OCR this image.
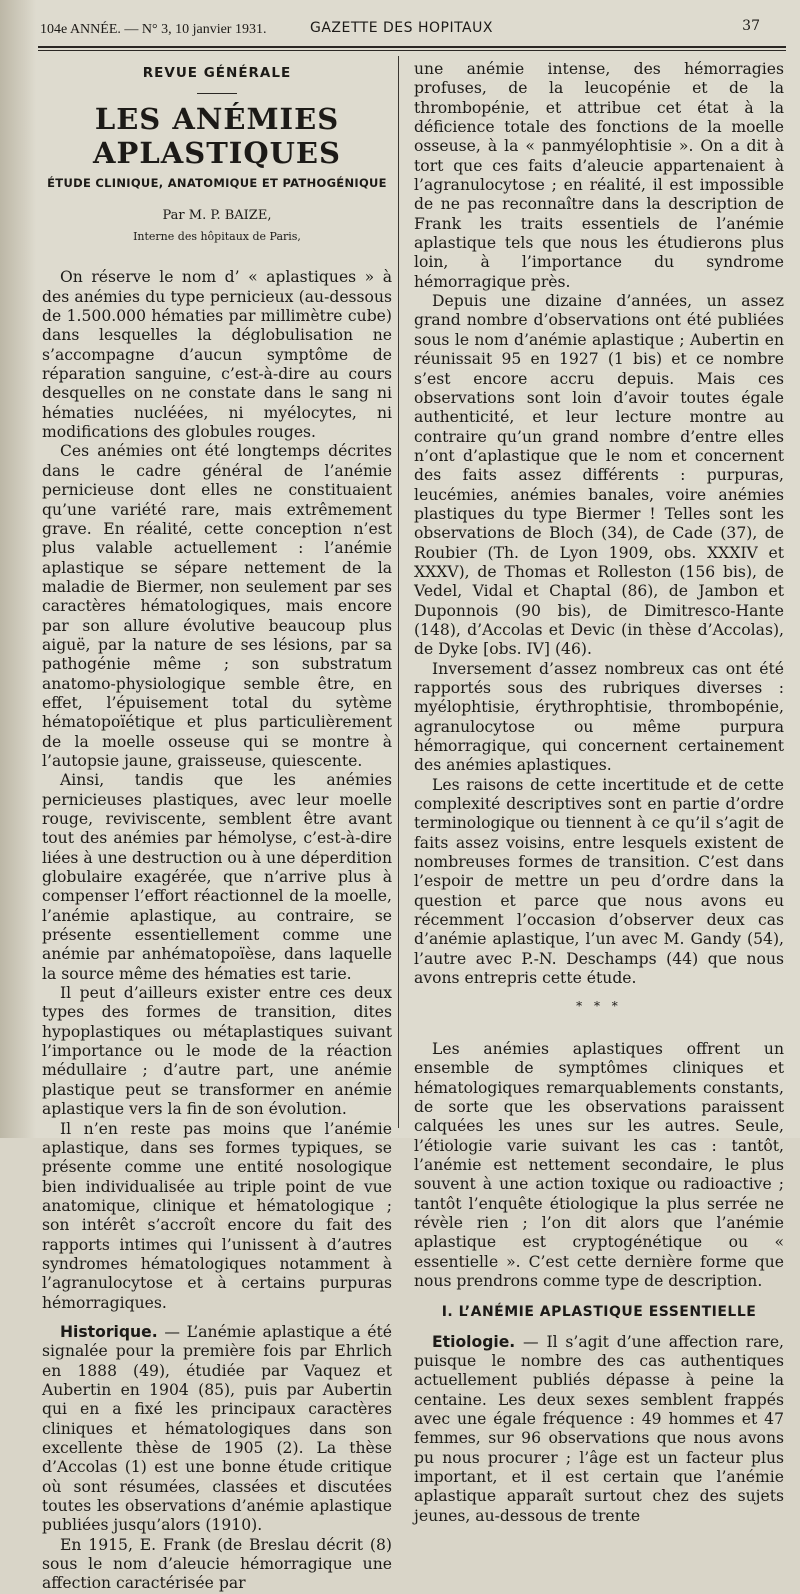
104e ANNÉE. — N° 3, 10 janvier 1931.	GAZETTE DES HOPITAUX	37
REVUE GÉNÉRALE
LES ANÉMIES APLASTIQUES
ÉTUDE CLINIQUE, ANATOMIQUE ET PATHOGÉNIQUE
Par M. P. BAIZE,
Interne des hôpitaux de Paris,

On réserve le nom d’ « aplastiques » à des anémies du type pernicieux (au-dessous de 1.500.000 hématies par millimètre cube) dans lesquelles la déglobulisation ne s’accompagne d’aucun symptôme de réparation sanguine, c’est-à-dire au cours desquelles on ne constate dans le sang ni hématies nucléées, ni myélocytes, ni modifications des globules rouges.

Ces anémies ont été longtemps décrites dans le cadre général de l’anémie pernicieuse dont elles ne constituaient qu’une variété rare, mais extrêmement grave. En réalité, cette conception n’est plus valable actuellement : l’anémie aplastique se sépare nettement de la maladie de Biermer, non seulement par ses caractères hématologiques, mais encore par son allure évolutive beaucoup plus aiguë, par la nature de ses lésions, par sa pathogénie même ; son substratum anatomo-physiologique semble être, en effet, l’épuisement total du sytème hématopoïétique et plus particulièrement de la moelle osseuse qui se montre à l’autopsie jaune, graisseuse, quiescente.

Ainsi, tandis que les anémies pernicieuses plastiques, avec leur moelle rouge, reviviscente, semblent être avant tout des anémies par hémolyse, c’est-à-dire liées à une destruction ou à une déperdition globulaire exagérée, que n’arrive plus à compenser l’effort réactionnel de la moelle, l’anémie aplastique, au contraire, se présente essentiellement comme une anémie par anhématopoïèse, dans laquelle la source même des hématies est tarie.

Il peut d’ailleurs exister entre ces deux types des formes de transition, dites hypoplastiques ou métaplastiques suivant l’importance ou le mode de la réaction médullaire ; d’autre part, une anémie plastique peut se transformer en anémie aplastique vers la fin de son évolution.

Il n’en reste pas moins que l’anémie aplastique, dans ses formes typiques, se présente comme une entité nosologique bien individualisée au triple point de vue anatomique, clinique et hématologique ; son intérêt s’accroît encore du fait des rapports intimes qui l’unissent à d’autres syndromes hématologiques notamment à l’agranulocytose et à certains purpuras hémorragiques.

Historique. — L’anémie aplastique a été signalée pour la première fois par Ehrlich en 1888 (49), étudiée par Vaquez et Aubertin en 1904 (85), puis par Aubertin qui en a fixé les principaux caractères cliniques et hématologiques dans son excellente thèse de 1905 (2). La thèse d’Accolas (1) est une bonne étude critique où sont résumées, classées et discutées toutes les observations d’anémie aplastique publiées jusqu’alors (1910).

En 1915, E. Frank (de Breslau décrit (8) sous le nom d’aleucie hémorragique une affection caractérisée par

une anémie intense, des hémorragies profuses, de la leucopénie et de la thrombopénie, et attribue cet état à la déficience totale des fonctions de la moelle osseuse, à la « panmyélophtisie ». On a dit à tort que ces faits d’aleucie appartenaient à l’agranulocytose ; en réalité, il est impossible de ne pas reconnaître dans la description de Frank les traits essentiels de l’anémie aplastique tels que nous les étudierons plus loin, à l’importance du syndrome hémorragique près.

Depuis une dizaine d’années, un assez grand nombre d’observations ont été publiées sous le nom d’anémie aplastique ; Aubertin en réunissait 95 en 1927 (1 bis) et ce nombre s’est encore accru depuis. Mais ces observations sont loin d’avoir toutes égale authenticité, et leur lecture montre au contraire qu’un grand nombre d’entre elles n’ont d’aplastique que le nom et concernent des faits assez différents : purpuras, leucémies, anémies banales, voire anémies plastiques du type Biermer ! Telles sont les observations de Bloch (34), de Cade (37), de Roubier (Th. de Lyon 1909, obs. XXXIV et XXXV), de Thomas et Rolleston (156 bis), de Vedel, Vidal et Chaptal (86), de Jambon et Duponnois (90 bis), de Dimitresco-Hante (148), d’Accolas et Devic (in thèse d’Accolas), de Dyke [obs. IV] (46).

Inversement d’assez nombreux cas ont été rapportés sous des rubriques diverses : myélophtisie, érythrophtisie, thrombopénie, agranulocytose ou même purpura hémorragique, qui concernent certainement des anémies aplastiques.

Les raisons de cette incertitude et de cette complexité descriptives sont en partie d’ordre terminologique ou tiennent à ce qu’il s’agit de faits assez voisins, entre lesquels existent de nombreuses formes de transition. C’est dans l’espoir de mettre un peu d’ordre dans la question et parce que nous avons eu récemment l’occasion d’observer deux cas d’anémie aplastique, l’un avec M. Gandy (54), l’autre avec P.-N. Deschamps (44) que nous avons entrepris cette étude.

* * *

Les anémies aplastiques offrent un ensemble de symptômes cliniques et hématologiques remarquablements constants, de sorte que les observations paraissent calquées les unes sur les autres. Seule, l’étiologie varie suivant les cas : tantôt, l’anémie est nettement secondaire, le plus souvent à une action toxique ou radioactive ; tantôt l’enquête étiologique la plus serrée ne révèle rien ; l’on dit alors que l’anémie aplastique est cryptogénétique ou « essentielle ». C’est cette dernière forme que nous prendrons comme type de description.

I. L’ANÉMIE APLASTIQUE ESSENTIELLE

Etiologie. — Il s’agit d’une affection rare, puisque le nombre des cas authentiques actuellement publiés dépasse à peine la centaine. Les deux sexes semblent frappés avec une égale fréquence : 49 hommes et 47 femmes, sur 96 observations que nous avons pu nous procurer ; l’âge est un facteur plus important, et il est certain que l’anémie aplastique apparaît surtout chez des sujets jeunes, au-dessous de trente
